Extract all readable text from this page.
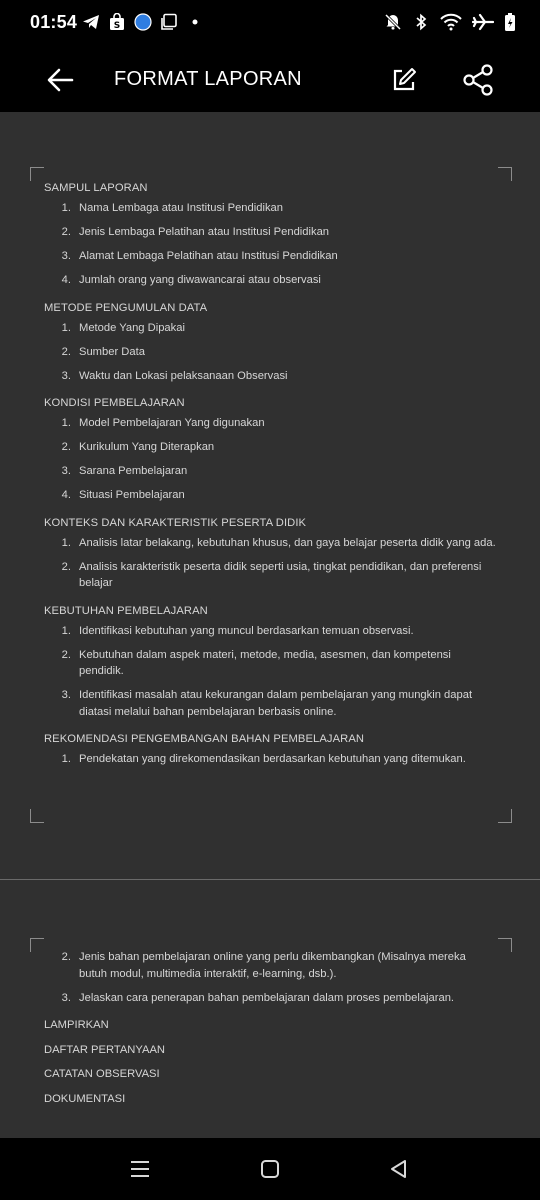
01:54	S
FORMAT LAPORAN
SAMPUL LAPORAN
1. Nama Lembaga atau Institusi Pendidikan
2. Jenis Lembaga Pelatihan atau Institusi Pendidikan
3. Alamat Lembaga Pelatihan atau Institusi Pendidikan
4. Jumlah orang yang diwawancarai atau observasi
METODE PENGUMULAN DATA
1. Metode Yang Dipakai
2. Sumber Data
3. Waktu dan Lokasi pelaksanaan Observasi
KONDISI PEMBELAJARAN
1. Model Pembelajaran Yang digunakan
2. Kurikulum Yang Diterapkan
3. Sarana Pembelajaran
4. Situasi Pembelajaran
KONTEKS DAN KARAKTERISTIK PESERTA DIDIK
1. Analisis latar belakang, kebutuhan khusus, dan gaya belajar peserta didik yang ada.
2. Analisis karakteristik peserta didik seperti usia, tingkat pendidikan, dan preferensi belajar
KEBUTUHAN PEMBELAJARAN
1. Identifikasi kebutuhan yang muncul berdasarkan temuan observasi.
2. Kebutuhan dalam aspek materi, metode, media, asesmen, dan kompetensi pendidik.
3. Identifikasi masalah atau kekurangan dalam pembelajaran yang mungkin dapat diatasi melalui bahan pembelajaran berbasis online.
REKOMENDASI PENGEMBANGAN BAHAN PEMBELAJARAN
1. Pendekatan yang direkomendasikan berdasarkan kebutuhan yang ditemukan.
2. Jenis bahan pembelajaran online yang perlu dikembangkan (Misalnya mereka butuh modul, multimedia interaktif, e-learning, dsb.).
3. Jelaskan cara penerapan bahan pembelajaran dalam proses pembelajaran.
LAMPIRKAN
DAFTAR PERTANYAAN
CATATAN OBSERVASI
DOKUMENTASI
